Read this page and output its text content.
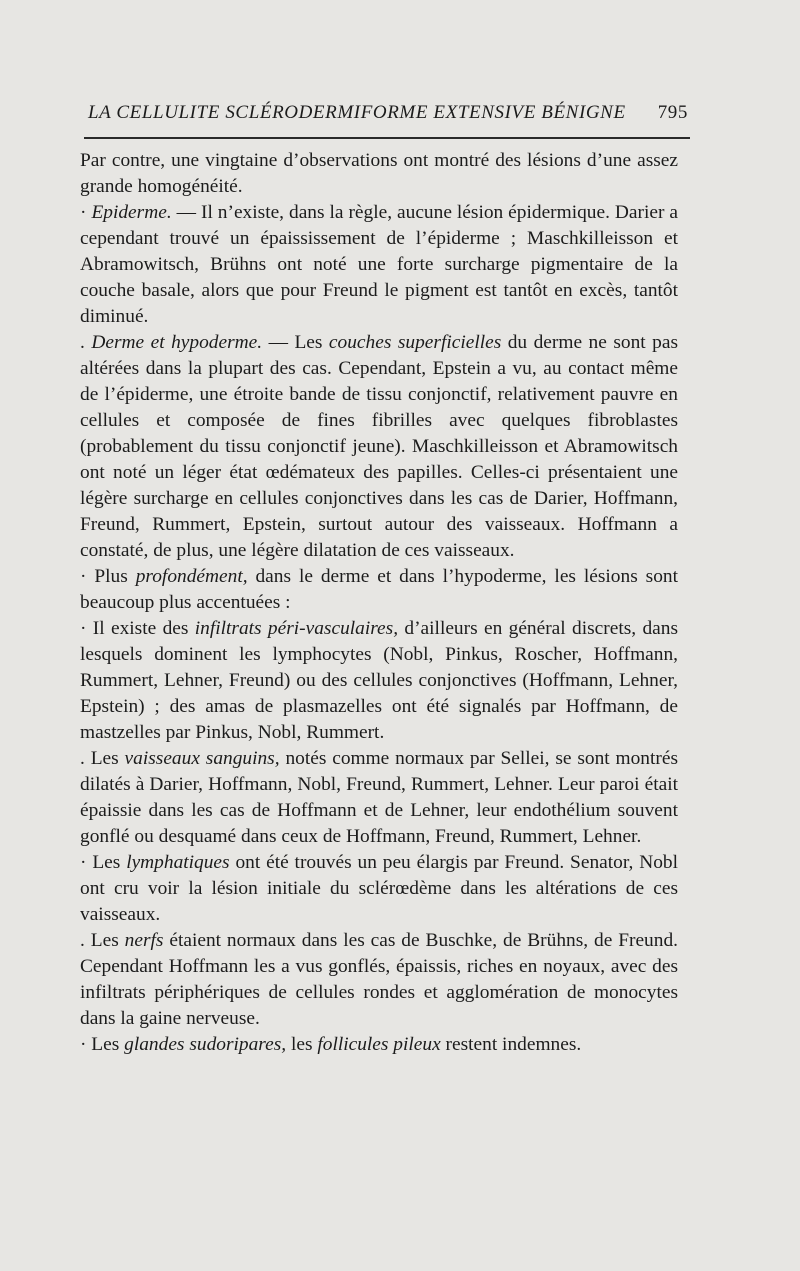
LA CELLULITE SCLÉRODERMIFORME EXTENSIVE BÉNIGNE 795

Par contre, une vingtaine d’observations ont montré des lésions d’une assez grande homogénéité.

· Epiderme. — Il n’existe, dans la règle, aucune lésion épidermique. Darier a cependant trouvé un épaississement de l’épiderme ; Maschkilleisson et Abramowitsch, Brühns ont noté une forte surcharge pigmentaire de la couche basale, alors que pour Freund le pigment est tantôt en excès, tantôt diminué.

. Derme et hypoderme. — Les couches superficielles du derme ne sont pas altérées dans la plupart des cas. Cependant, Epstein a vu, au contact même de l’épiderme, une étroite bande de tissu conjonctif, relativement pauvre en cellules et composée de fines fibrilles avec quelques fibroblastes (probablement du tissu conjonctif jeune). Maschkilleisson et Abramowitsch ont noté un léger état œdémateux des papilles. Celles-ci présentaient une légère surcharge en cellules conjonctives dans les cas de Darier, Hoffmann, Freund, Rummert, Epstein, surtout autour des vaisseaux. Hoffmann a constaté, de plus, une légère dilatation de ces vaisseaux.

· Plus profondément, dans le derme et dans l’hypoderme, les lésions sont beaucoup plus accentuées :

· Il existe des infiltrats péri-vasculaires, d’ailleurs en général discrets, dans lesquels dominent les lymphocytes (Nobl, Pinkus, Roscher, Hoffmann, Rummert, Lehner, Freund) ou des cellules conjonctives (Hoffmann, Lehner, Epstein) ; des amas de plasmazelles ont été signalés par Hoffmann, de mastzelles par Pinkus, Nobl, Rummert.

. Les vaisseaux sanguins, notés comme normaux par Sellei, se sont montrés dilatés à Darier, Hoffmann, Nobl, Freund, Rummert, Lehner. Leur paroi était épaissie dans les cas de Hoffmann et de Lehner, leur endothélium souvent gonflé ou desquamé dans ceux de Hoffmann, Freund, Rummert, Lehner.

· Les lymphatiques ont été trouvés un peu élargis par Freund. Senator, Nobl ont cru voir la lésion initiale du sclérœdème dans les altérations de ces vaisseaux.

. Les nerfs étaient normaux dans les cas de Buschke, de Brühns, de Freund. Cependant Hoffmann les a vus gonflés, épaissis, riches en noyaux, avec des infiltrats périphériques de cellules rondes et agglomération de monocytes dans la gaine nerveuse.

· Les glandes sudoripares, les follicules pileux restent indemnes.
